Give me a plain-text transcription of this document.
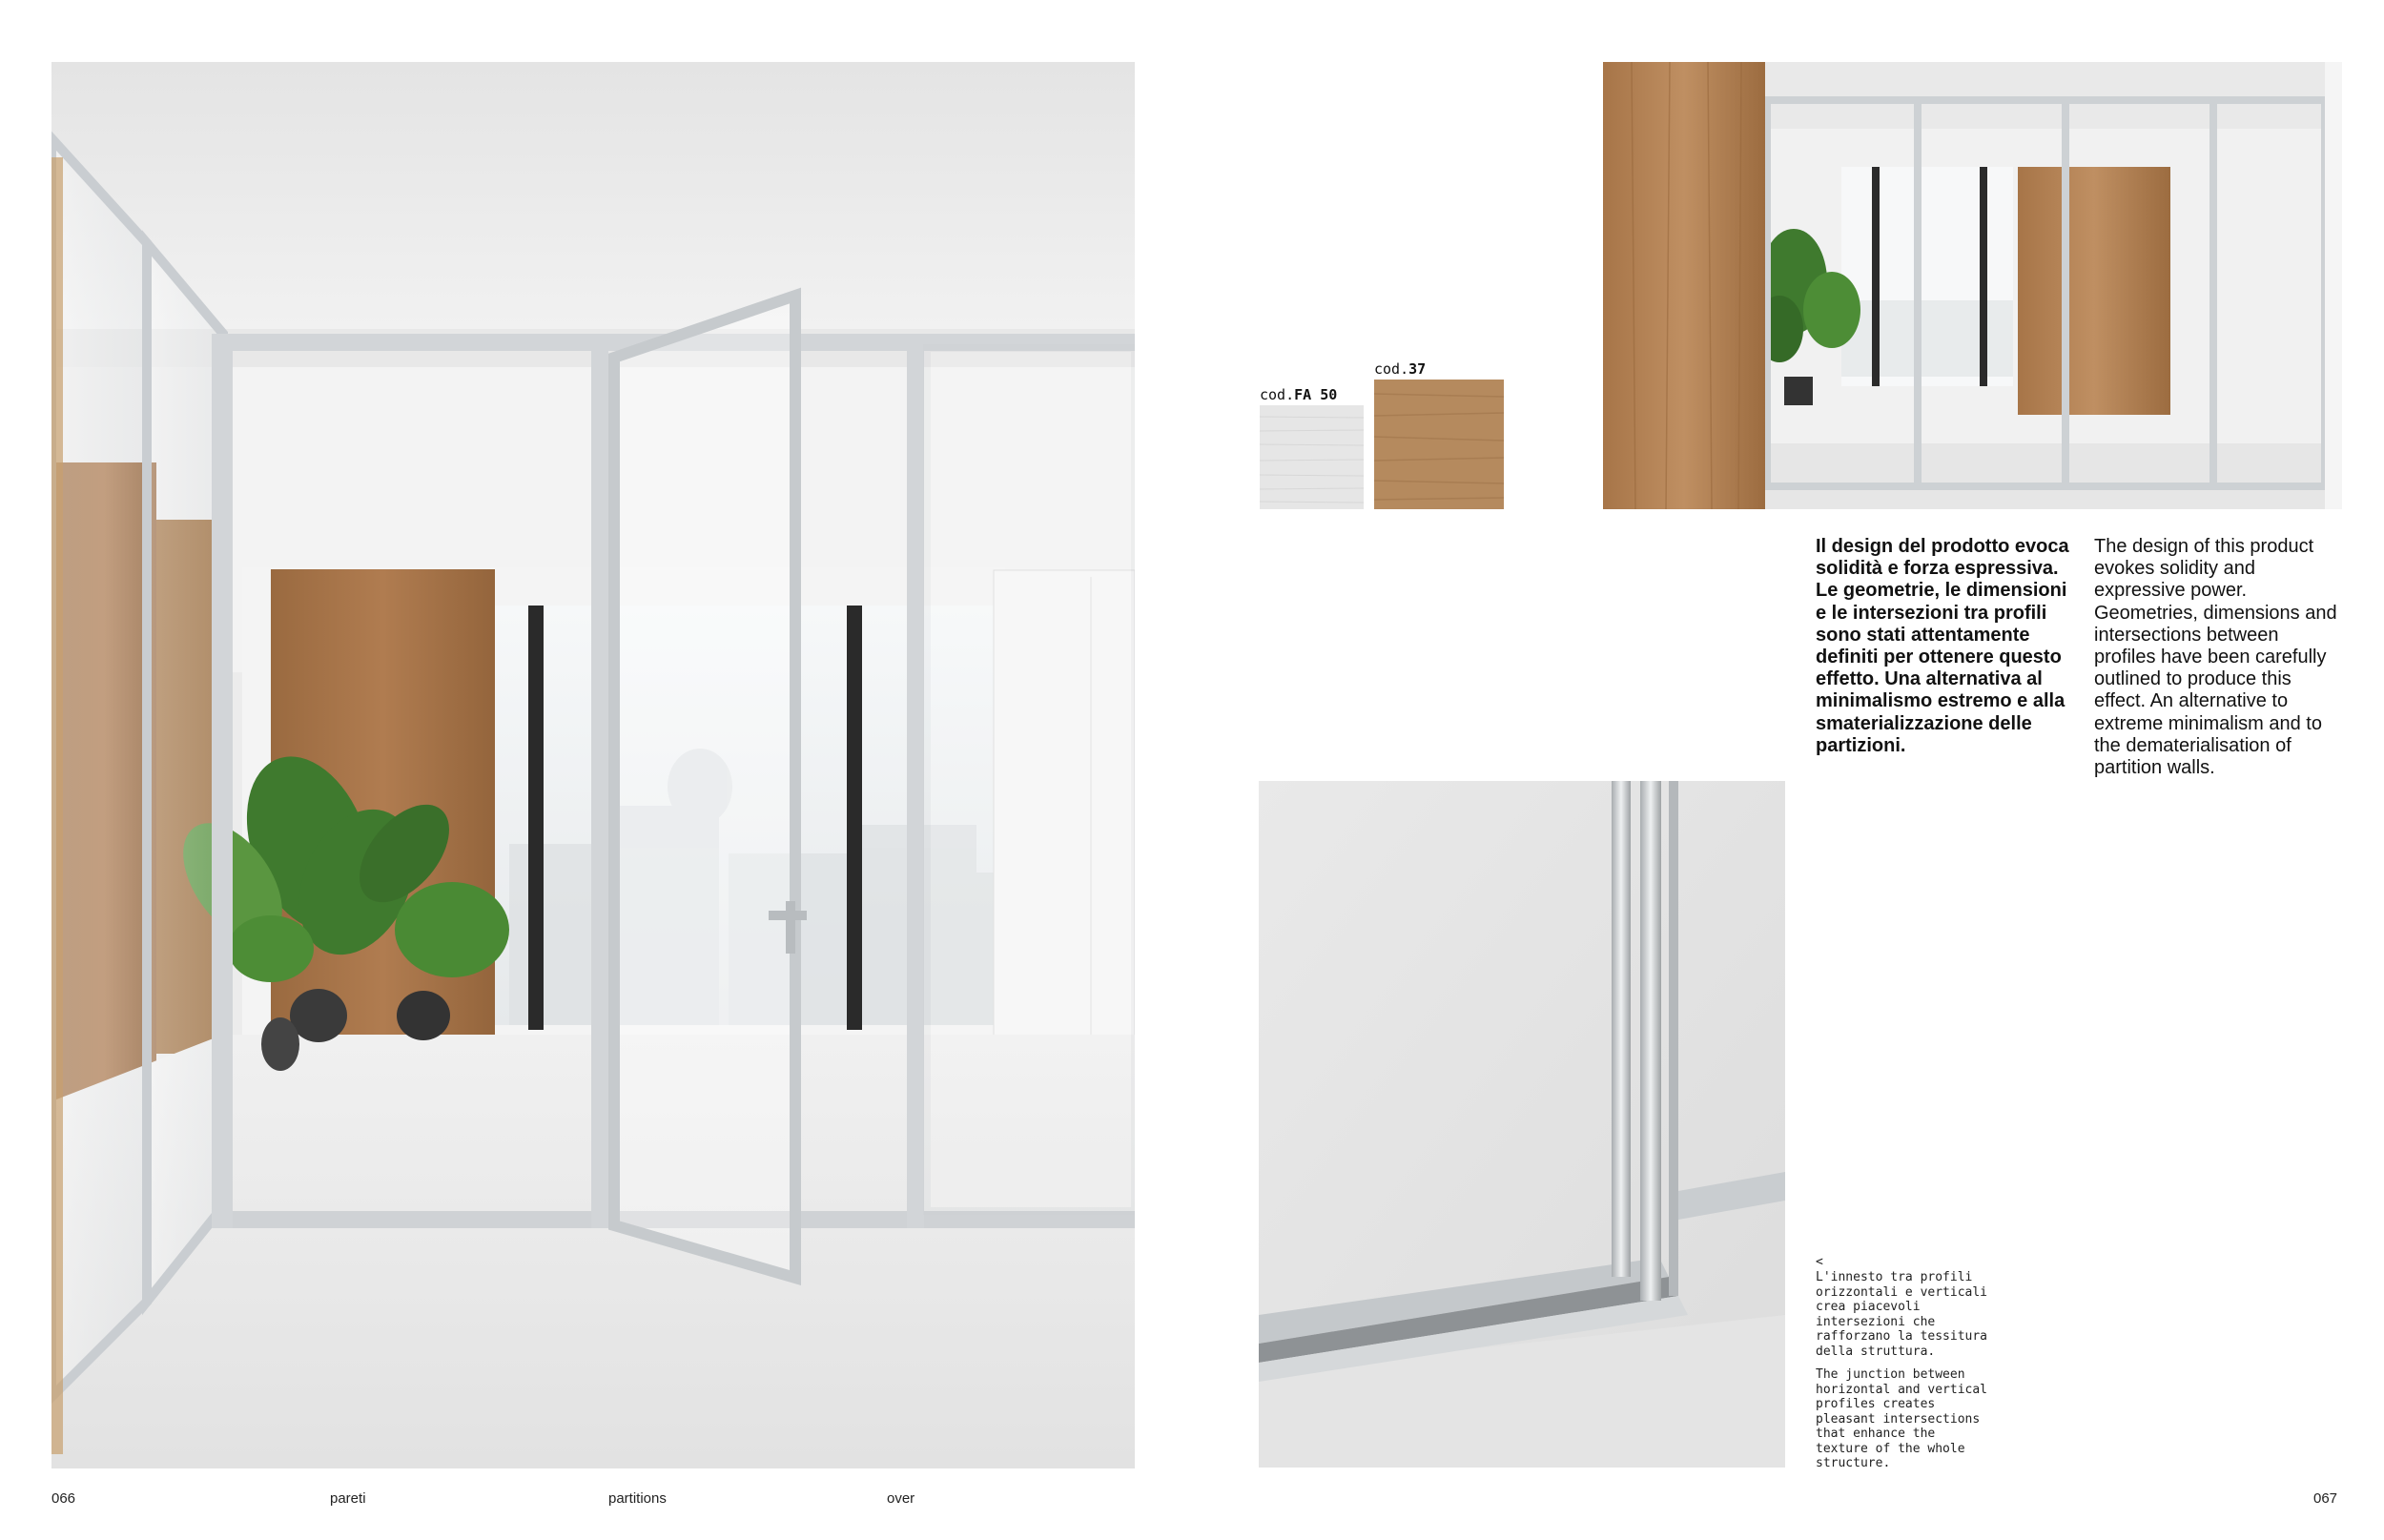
cod.FA 50
cod.37
Il design del prodotto evoca solidità e forza espressiva. Le geometrie, le dimensioni e le intersezioni tra profili sono stati attentamente definiti per ottenere questo effetto. Una alternativa al minimalismo estremo e alla smaterializzazione delle partizioni.
The design of this product evokes solidity and expressive power. Geometries, dimensions and intersections between profiles have been carefully outlined to produce this effect. An alternative to extreme minimalism and to the dematerialisation of partition walls.
<
L'innesto tra profili
orizzontali e verticali
crea piacevoli
intersezioni che
rafforzano la tessitura
della struttura.
The junction between
horizontal and vertical
profiles creates
pleasant intersections
that enhance the
texture of the whole
structure.
066	pareti	partitions	over	067
